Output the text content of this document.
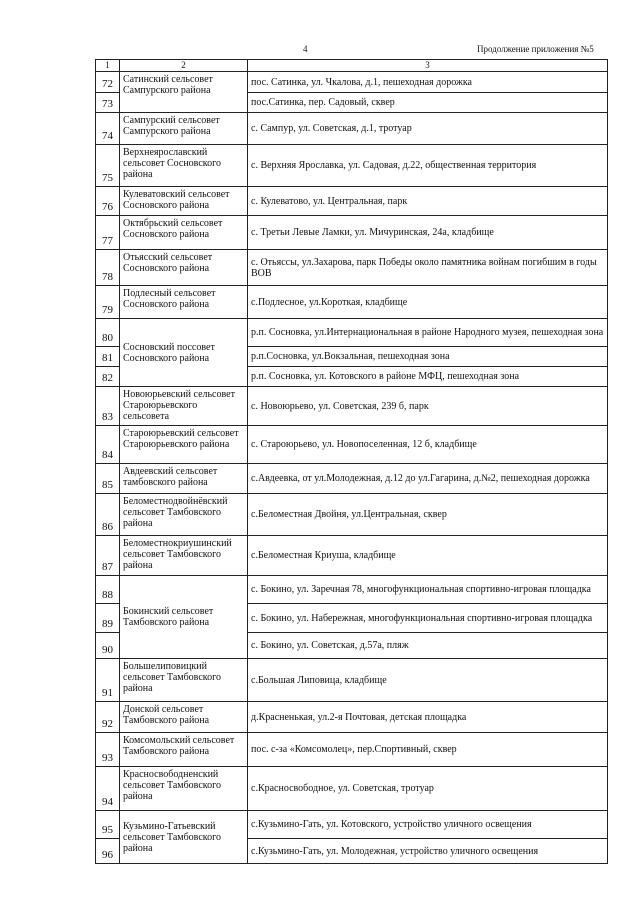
4	Продолжение приложения №5
1	2	3
72	Сатинский сельсовет Сампурского района	пос. Сатинка, ул. Чкалова, д.1, пешеходная дорожка
73		пос.Сатинка, пер. Садовый, сквер
74	Сампурский сельсовет Сампурского района	с. Сампур, ул. Советская, д.1, тротуар
75	Верхнеярославский сельсовет Сосновского района	с. Верхняя Ярославка, ул. Садовая, д.22, общественная территория
76	Кулеватовский сельсовет Сосновского района	с. Кулеватово, ул. Центральная, парк
77	Октябрьский сельсовет Сосновского района	с. Третьи Левые Ламки, ул. Мичуринская, 24а, кладбище
78	Отьясский сельсовет Сосновского района	с. Отьяссы, ул.Захарова, парк Победы около памятника войнам погибшим в годы ВОВ
79	Подлесный сельсовет Сосновского района	с.Подлесное, ул.Короткая, кладбище
80	Сосновский поссовет Сосновского района	р.п. Сосновка, ул.Интернациональная в районе Народного музея, пешеходная зона
81		р.п.Сосновка, ул.Вокзальная, пешеходная зона
82		р.п. Сосновка, ул. Котовского в районе МФЦ, пешеходная зона
83	Новоюрьевский сельсовет Староюрьевского сельсовета	с. Новоюрьево, ул. Советская, 239 б, парк
84	Староюрьевский сельсовет Староюрьевского района	с. Староюрьево, ул. Новопоселенная, 12 б, кладбище
85	Авдеевский сельсовет тамбовского района	с.Авдеевка, от ул.Молодежная, д.12 до ул.Гагарина, д.№2, пешеходная дорожка
86	Беломестнодвойнёвский сельсовет Тамбовского района	с.Беломестная Двойня, ул.Центральная, сквер
87	Беломестнокриушинский сельсовет Тамбовского района	с.Беломестная Криуша, кладбище
88	Бокинский сельсовет Тамбовского района	с. Бокино, ул. Заречная 78, многофункциональная спортивно-игровая площадка
89		с. Бокино, ул. Набережная, многофункциональная спортивно-игровая площадка
90		с. Бокино, ул. Советская, д.57а, пляж
91	Большелиповицкий сельсовет Тамбовского района	с.Большая Липовица, кладбище
92	Донской сельсовет Тамбовского района	д.Красненькая, ул.2-я Почтовая, детская площадка
93	Комсомольский сельсовет Тамбовского района	пос. с-за «Комсомолец», пер.Спортивный, сквер
94	Красносвободненский сельсовет Тамбовского района	с.Красносвободное, ул. Советская, тротуар
95	Кузьмино-Гатьевский сельсовет Тамбовского района	с.Кузьмино-Гать, ул. Котовского, устройство уличного освещения
96		с.Кузьмино-Гать, ул. Молодежная, устройство уличного освещения
